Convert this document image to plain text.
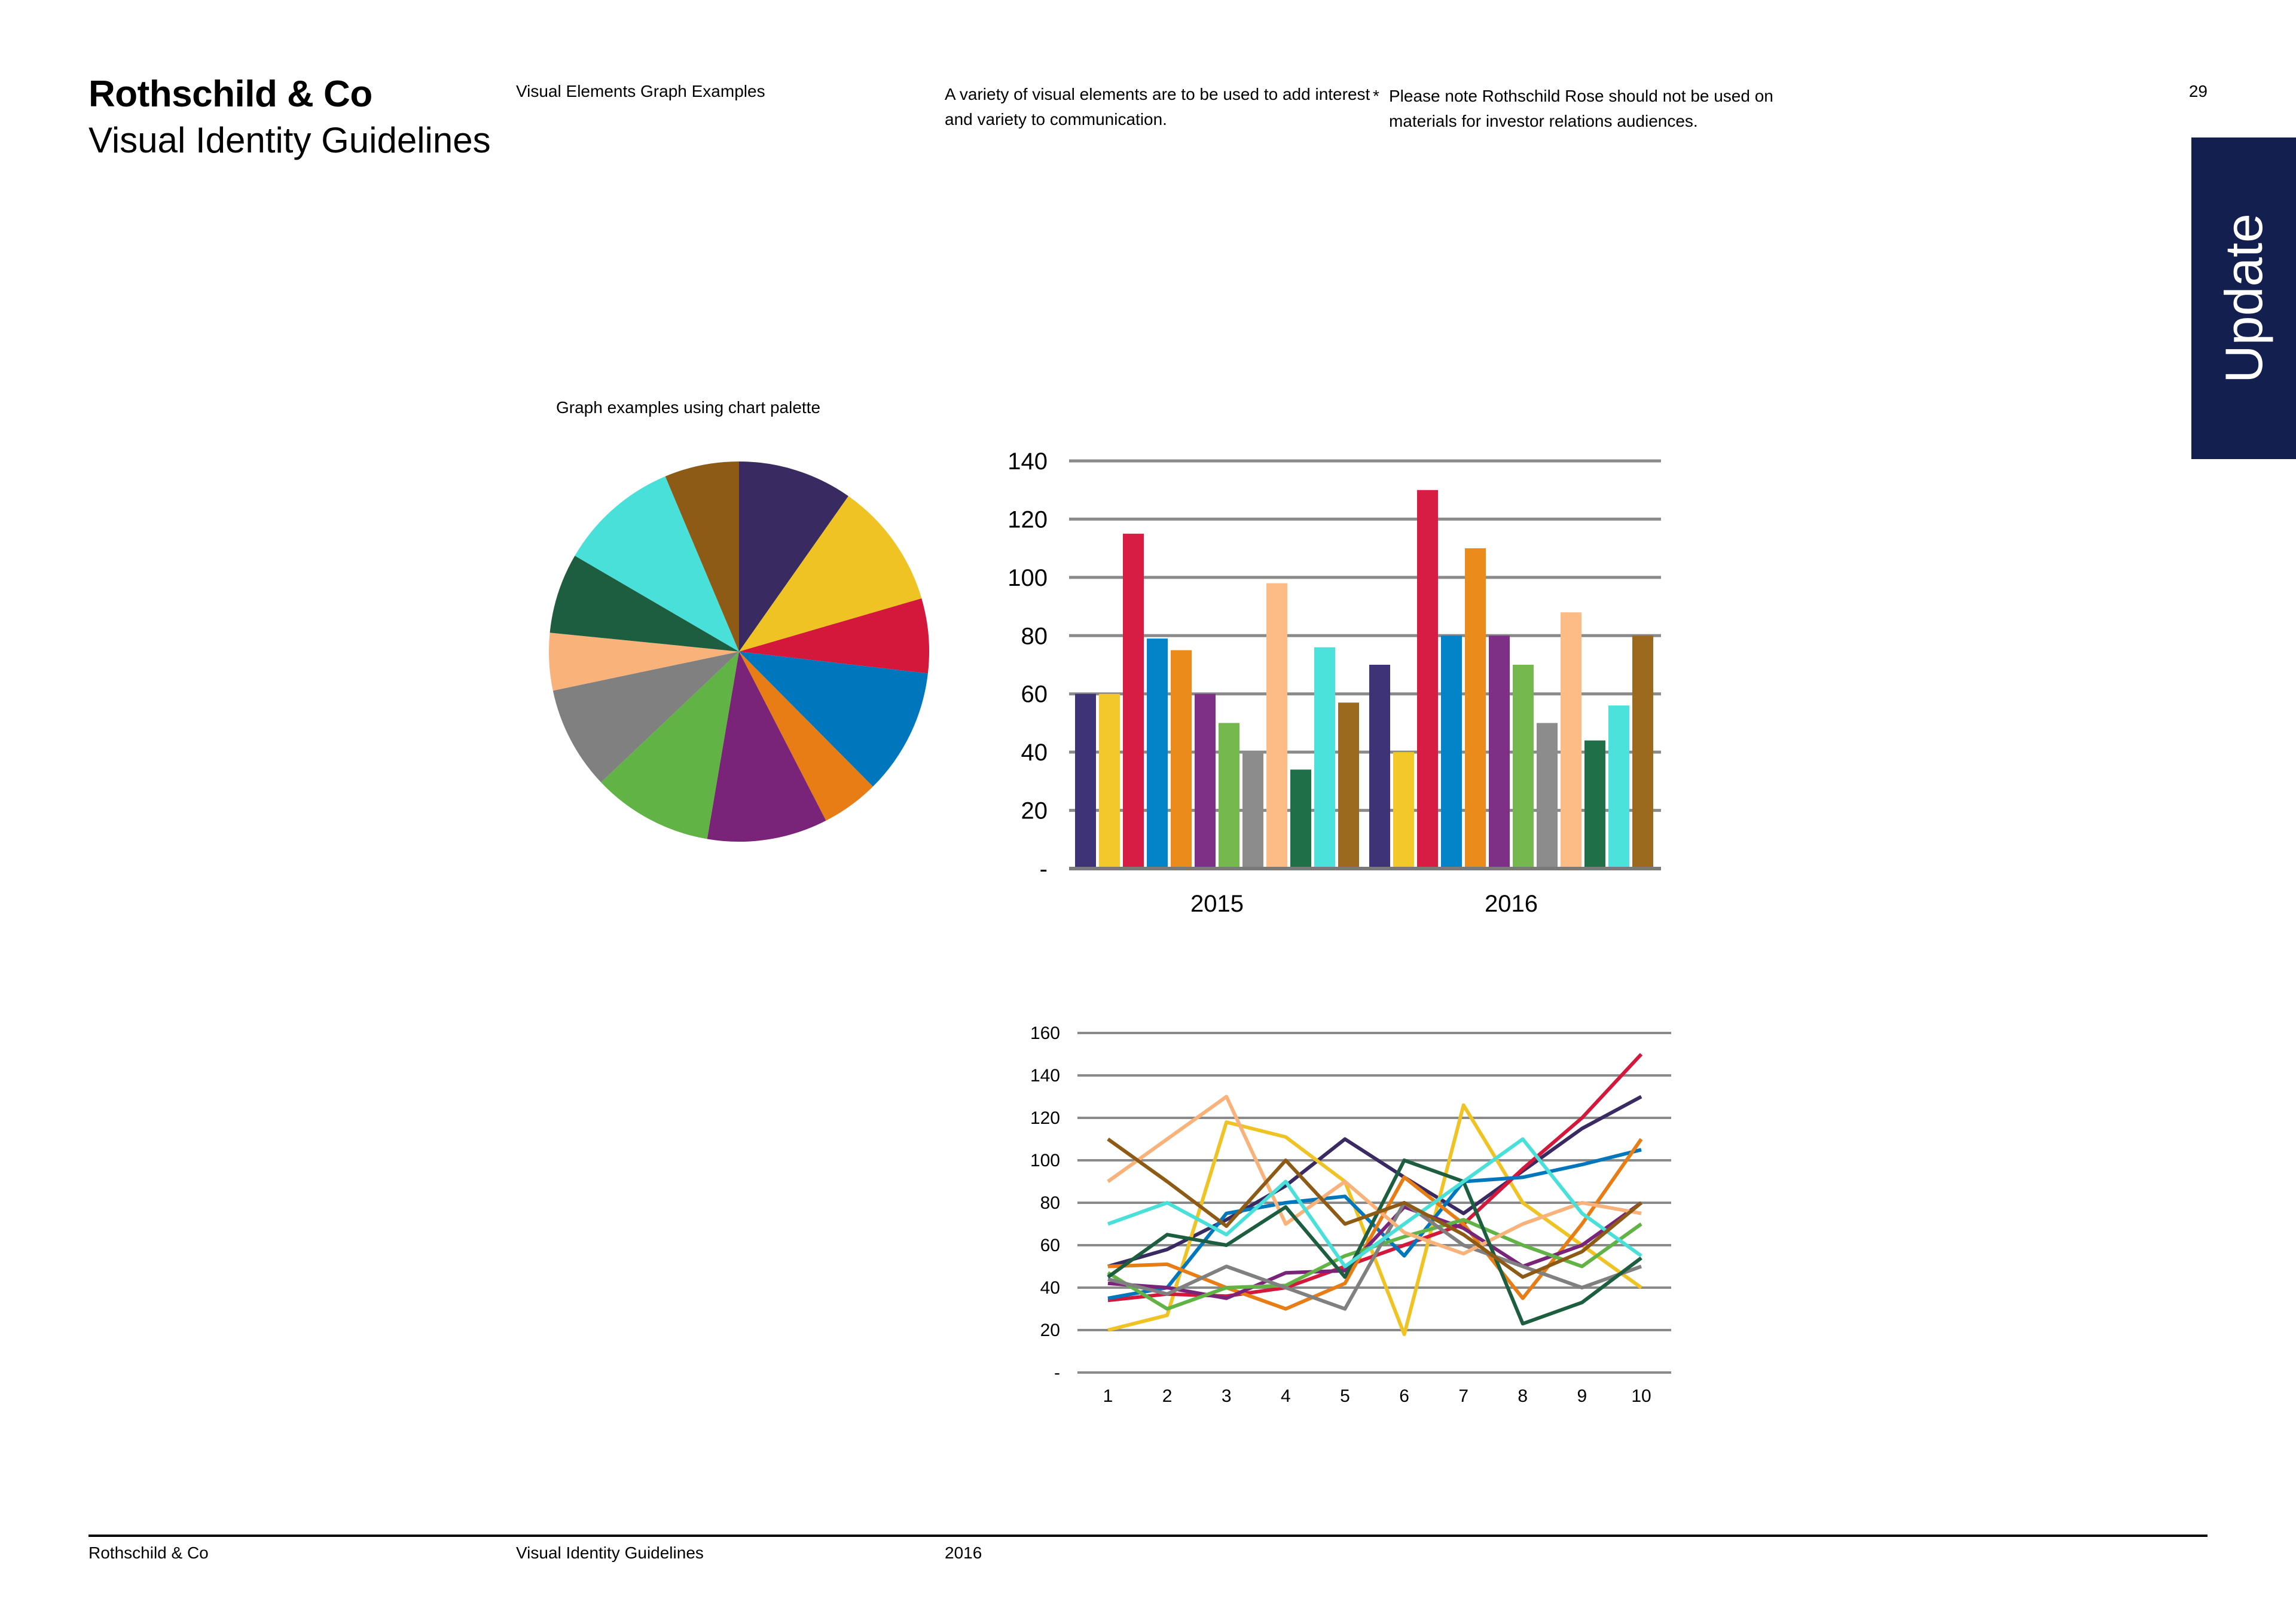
Rothschild & Co
Visual Identity Guidelines
Visual Elements Graph Examples	A variety of visual elements are to be used to add interest and variety to communication.
* Please note Rothschild Rose should not be used on materials for investor relations audiences.
29
Update
Graph examples using chart palette
-
20
40
60
80
100
120
140
2015	2016
-
20
40
60
80
100
120
140
160
1	2	3	4	5	6	7	8	9 10
Rothschild & Co	Visual Identity Guidelines	2016
